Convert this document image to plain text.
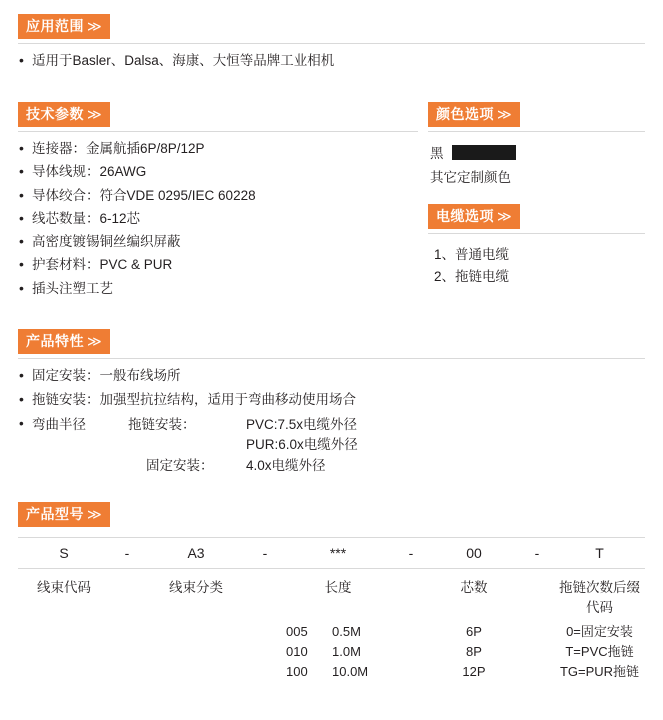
应用范围 ≫
• 适用于Basler、Dalsa、海康、大恒等品牌工业相机
技术参数 ≫
• 连接器：金属航插6P/8P/12P
• 导体线规：26AWG
• 导体绞合：符合VDE 0295/IEC 60228
• 线芯数量：6-12芯
• 高密度镀锡铜丝编织屏蔽
• 护套材料：PVC & PUR
• 插头注塑工艺
颜色选项 ≫
黑
其它定制颜色
电缆选项 ≫
1、普通电缆
2、拖链电缆
产品特性 ≫
• 固定安装：一般布线场所
• 拖链安装：加强型抗拉结构，适用于弯曲移动使用场合
• 弯曲半径	拖链安装：	PVC:7.5x电缆外径
PUR:6.0x电缆外径
固定安装：	4.0x电缆外径
产品型号 ≫
S	-	A3	-	***	-	00	-	T
线束代码	线束分类	长度	芯数	拖链次数后缀代码
005	0.5M	6P	0=固定安装
010	1.0M	8P	T=PVC拖链
100	10.0M	12P	TG=PUR拖链
